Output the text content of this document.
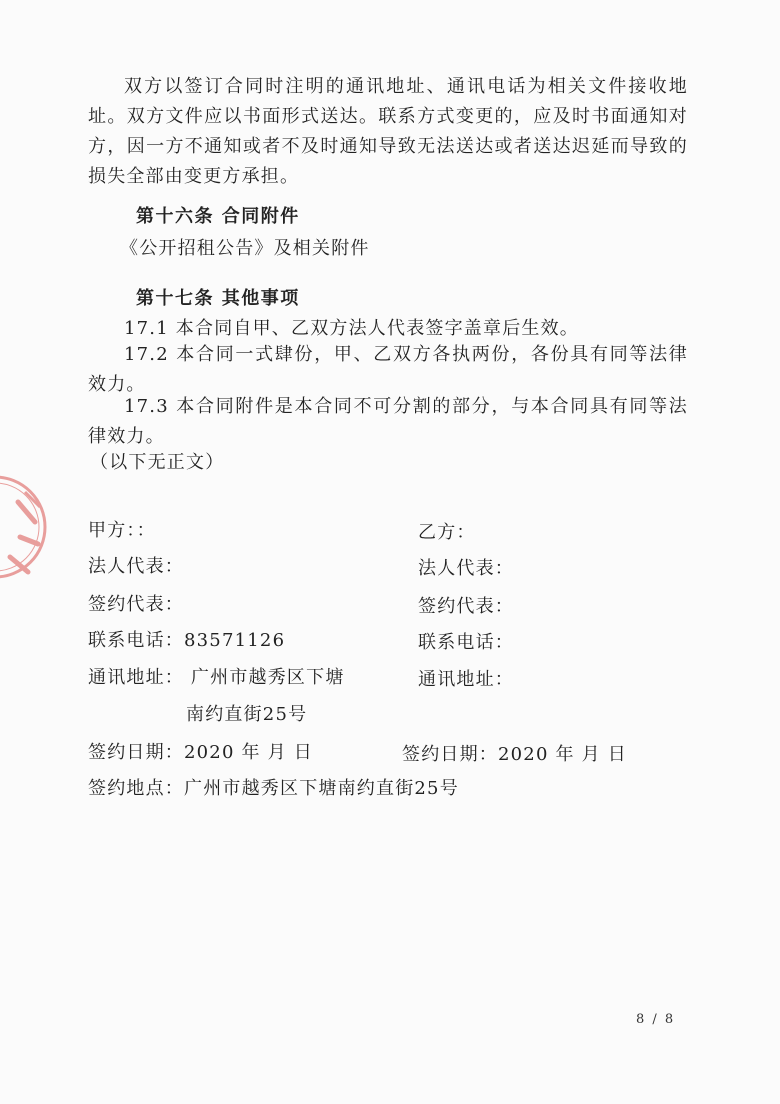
双方以签订合同时注明的通讯地址、通讯电话为相关文件接收地址。双方文件应以书面形式送达。联系方式变更的，应及时书面通知对方，因一方不通知或者不及时通知导致无法送达或者送达迟延而导致的损失全部由变更方承担。

第十六条 合同附件

《公开招租公告》及相关附件

第十七条 其他事项

17.1 本合同自甲、乙双方法人代表签字盖章后生效。

17.2 本合同一式肆份，甲、乙双方各执两份，各份具有同等法律效力。

17.3 本合同附件是本合同不可分割的部分，与本合同具有同等法律效力。

（以下无正文）

甲方：：
法人代表：
签约代表：
联系电话：83571126
通讯地址： 广州市越秀区下塘
南约直街25号
签约日期：2020 年 月 日
乙方：
法人代表：
签约代表：
联系电话：
通讯地址：
签约日期：2020 年 月 日
签约地点：广州市越秀区下塘南约直街25号
8 / 8
